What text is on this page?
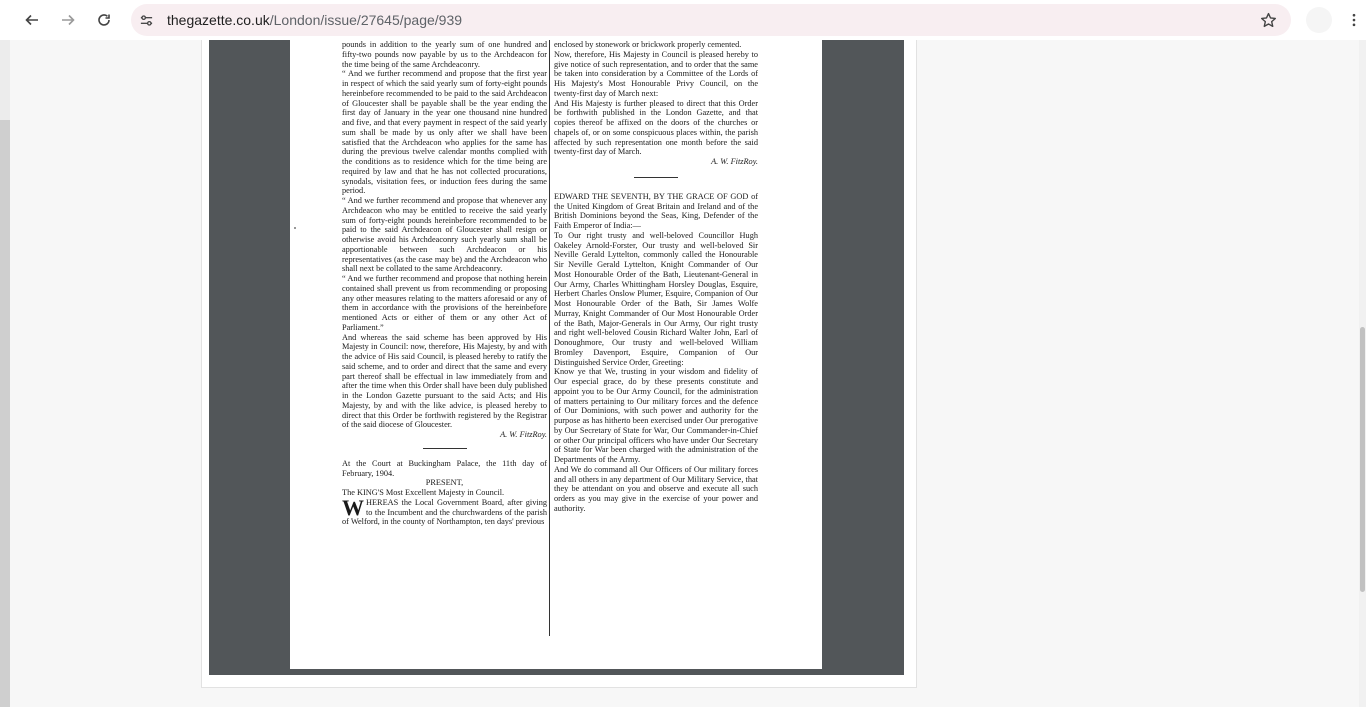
thegazette.co.uk/London/issue/27645/page/939

pounds in addition to the yearly sum of one hundred and fifty-two pounds now payable by us to the Archdeacon for the time being of the same Archdeaconry.

“ And we further recommend and propose that the first year in respect of which the said yearly sum of forty-eight pounds hereinbefore recommended to be paid to the said Archdeacon of Gloucester shall be payable shall be the year ending the first day of January in the year one thousand nine hundred and five, and that every payment in respect of the said yearly sum shall be made by us only after we shall have been satisfied that the Archdeacon who applies for the same has during the previous twelve calendar months complied with the conditions as to residence which for the time being are required by law and that he has not collected procurations, synodals, visitation fees, or induction fees during the same period.

“ And we further recommend and propose that whenever any Archdeacon who may be entitled to receive the said yearly sum of forty-eight pounds hereinbefore recommended to be paid to the said Archdeacon of Gloucester shall resign or otherwise avoid his Archdeaconry such yearly sum shall be apportionable between such Archdeacon or his representatives (as the case may be) and the Archdeacon who shall next be collated to the same Archdeaconry.

“ And we further recommend and propose that nothing herein contained shall prevent us from recommending or proposing any other measures relating to the matters aforesaid or any of them in accordance with the provisions of the hereinbefore mentioned Acts or either of them or any other Act of Parliament.”

And whereas the said scheme has been approved by His Majesty in Council: now, therefore, His Majesty, by and with the advice of His said Council, is pleased hereby to ratify the said scheme, and to order and direct that the same and every part thereof shall be effectual in law immediately from and after the time when this Order shall have been duly published in the London Gazette pursuant to the said Acts; and His Majesty, by and with the like advice, is pleased hereby to direct that this Order be forthwith registered by the Registrar of the said diocese of Gloucester.

A. W. FitzRoy.

At the Court at Buckingham Palace, the 11th day of February, 1904.

PRESENT,

The KING'S Most Excellent Majesty in Council.

WHEREAS the Local Government Board, after giving to the Incumbent and the churchwardens of the parish of Welford, in the county of Northampton, ten days' previous

enclosed by stonework or brickwork properly cemented.

Now, therefore, His Majesty in Council is pleased hereby to give notice of such representation, and to order that the same be taken into consideration by a Committee of the Lords of His Majesty's Most Honourable Privy Council, on the twenty-first day of March next:

And His Majesty is further pleased to direct that this Order be forthwith published in the London Gazette, and that copies thereof be affixed on the doors of the churches or chapels of, or on some conspicuous places within, the parish affected by such representation one month before the said twenty-first day of March.

A. W. FitzRoy.

EDWARD THE SEVENTH, BY THE GRACE OF GOD of the United Kingdom of Great Britain and Ireland and of the British Dominions beyond the Seas, King, Defender of the Faith Emperor of India:—

To Our right trusty and well-beloved Councillor Hugh Oakeley Arnold-Forster, Our trusty and well-beloved Sir Neville Gerald Lyttelton, commonly called the Honourable Sir Neville Gerald Lyttelton, Knight Commander of Our Most Honourable Order of the Bath, Lieutenant-General in Our Army, Charles Whittingham Horsley Douglas, Esquire, Herbert Charles Onslow Plumer, Esquire, Companion of Our Most Honourable Order of the Bath, Sir James Wolfe Murray, Knight Commander of Our Most Honourable Order of the Bath, Major-Generals in Our Army, Our right trusty and right well-beloved Cousin Richard Walter John, Earl of Donoughmore, Our trusty and well-beloved William Bromley Davenport, Esquire, Companion of Our Distinguished Service Order, Greeting:

Know ye that We, trusting in your wisdom and fidelity of Our especial grace, do by these presents constitute and appoint you to be Our Army Council, for the administration of matters pertaining to Our military forces and the defence of Our Dominions, with such power and authority for the purpose as has hitherto been exercised under Our prerogative by Our Secretary of State for War, Our Commander-in-Chief or other Our principal officers who have under Our Secretary of State for War been charged with the administration of the Departments of the Army.

And We do command all Our Officers of Our military forces and all others in any department of Our Military Service, that they be attendant on you and observe and execute all such orders as you may give in the exercise of your power and authority.
